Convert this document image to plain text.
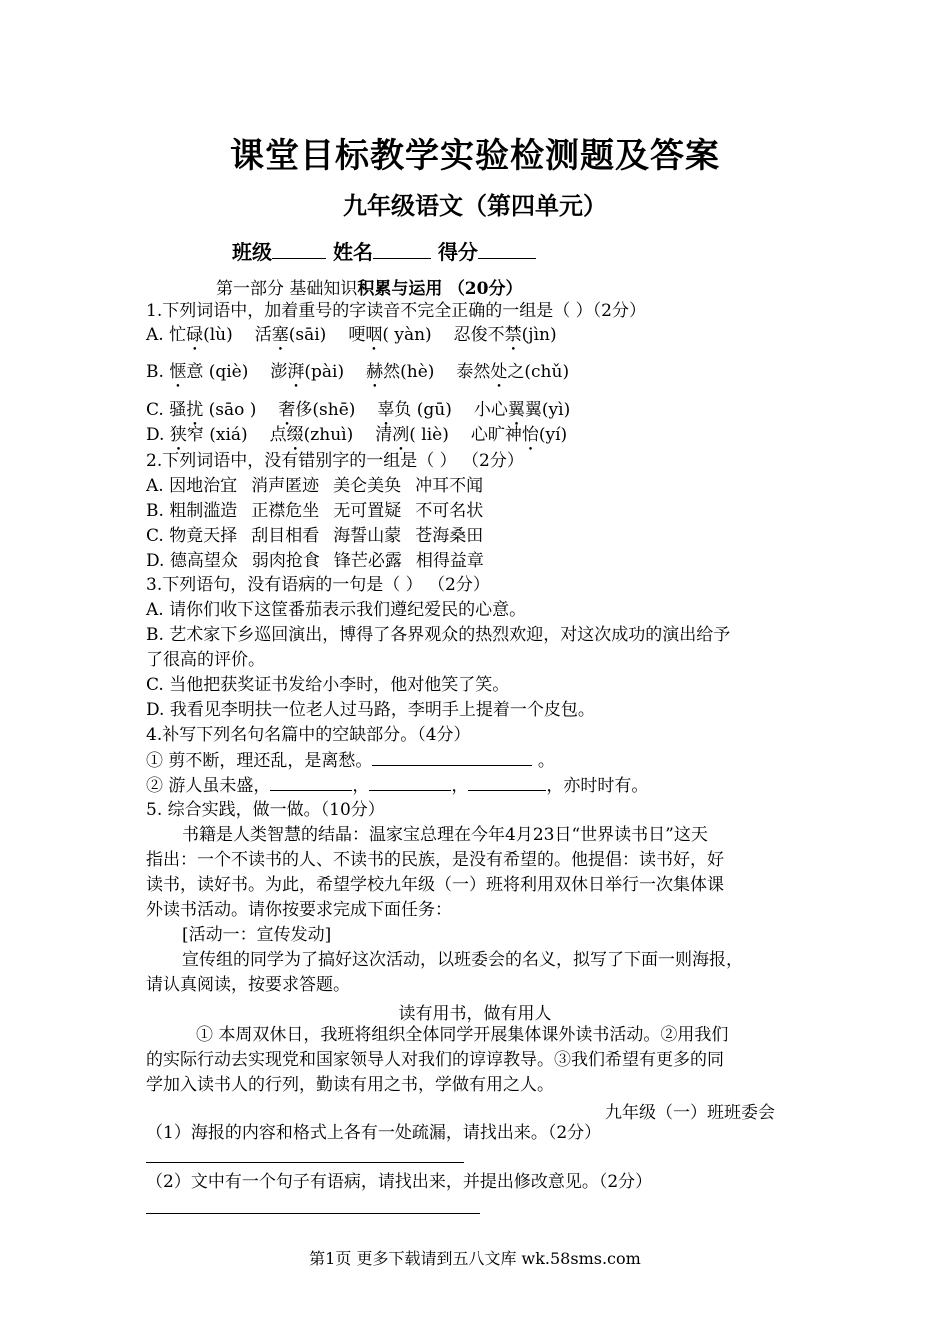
课堂目标教学实验检测题及答案
九年级语文（第四单元）
班级	姓名	得分
第一部分 基础知识积累与运用 （20分）
1.下列词语中，加着重号的字读音不完全正确的一组是（ ）（2分）
A. 忙碌(lù) 活塞(sāi) 哽咽( yàn) 忍俊不禁(jìn)
B. 惬意 (qiè) 澎湃(pài) 赫然(hè) 泰然处之(chǔ)
C. 骚扰 (sāo ) 奢侈(shē) 辜负 (gū) 小心翼翼(yì)
D. 狭窄 (xiá) 点缀(zhuì) 清冽( liè) 心旷神怡(yí)
2.下列词语中，没有错别字的一组是（ ） （2分）
A. 因地治宜 消声匿迹 美仑美奂 冲耳不闻
B. 粗制滥造 正襟危坐 无可置疑 不可名状
C. 物竟天择 刮目相看 海誓山蒙 苍海桑田
D. 德高望众 弱肉抢食 锋芒必露 相得益章
3.下列语句，没有语病的一句是（ ） （2分）
A. 请你们收下这筐番茄表示我们遵纪爱民的心意。
B. 艺术家下乡巡回演出，博得了各界观众的热烈欢迎，对这次成功的演出给予
了很高的评价。
C. 当他把获奖证书发给小李时，他对他笑了笑。
D. 我看见李明扶一位老人过马路，李明手上提着一个皮包。
4.补写下列名句名篇中的空缺部分。（4分）
① 剪不断，理还乱，是离愁。	。
② 游人虽未盛，	，	，	，亦时时有。
5. 综合实践，做一做。（10分）
书籍是人类智慧的结晶：温家宝总理在今年4月23日“世界读书日”这天
指出：一个不读书的人、不读书的民族，是没有希望的。他提倡：读书好，好
读书，读好书。为此，希望学校九年级（一）班将利用双休日举行一次集体课
外读书活动。请你按要求完成下面任务：
[活动一：宣传发动]
宣传组的同学为了搞好这次活动，以班委会的名义，拟写了下面一则海报，
请认真阅读，按要求答题。
读有用书，做有用人
① 本周双休日，我班将组织全体同学开展集体课外读书活动。②用我们
的实际行动去实现党和国家领导人对我们的谆谆教导。③我们希望有更多的同
学加入读书人的行列，勤读有用之书，学做有用之人。
九年级（一）班班委会
（1）海报的内容和格式上各有一处疏漏，请找出来。（2分）
（2）文中有一个句子有语病，请找出来，并提出修改意见。（2分）
第1页 更多下载请到五八文库 wk.58sms.com
